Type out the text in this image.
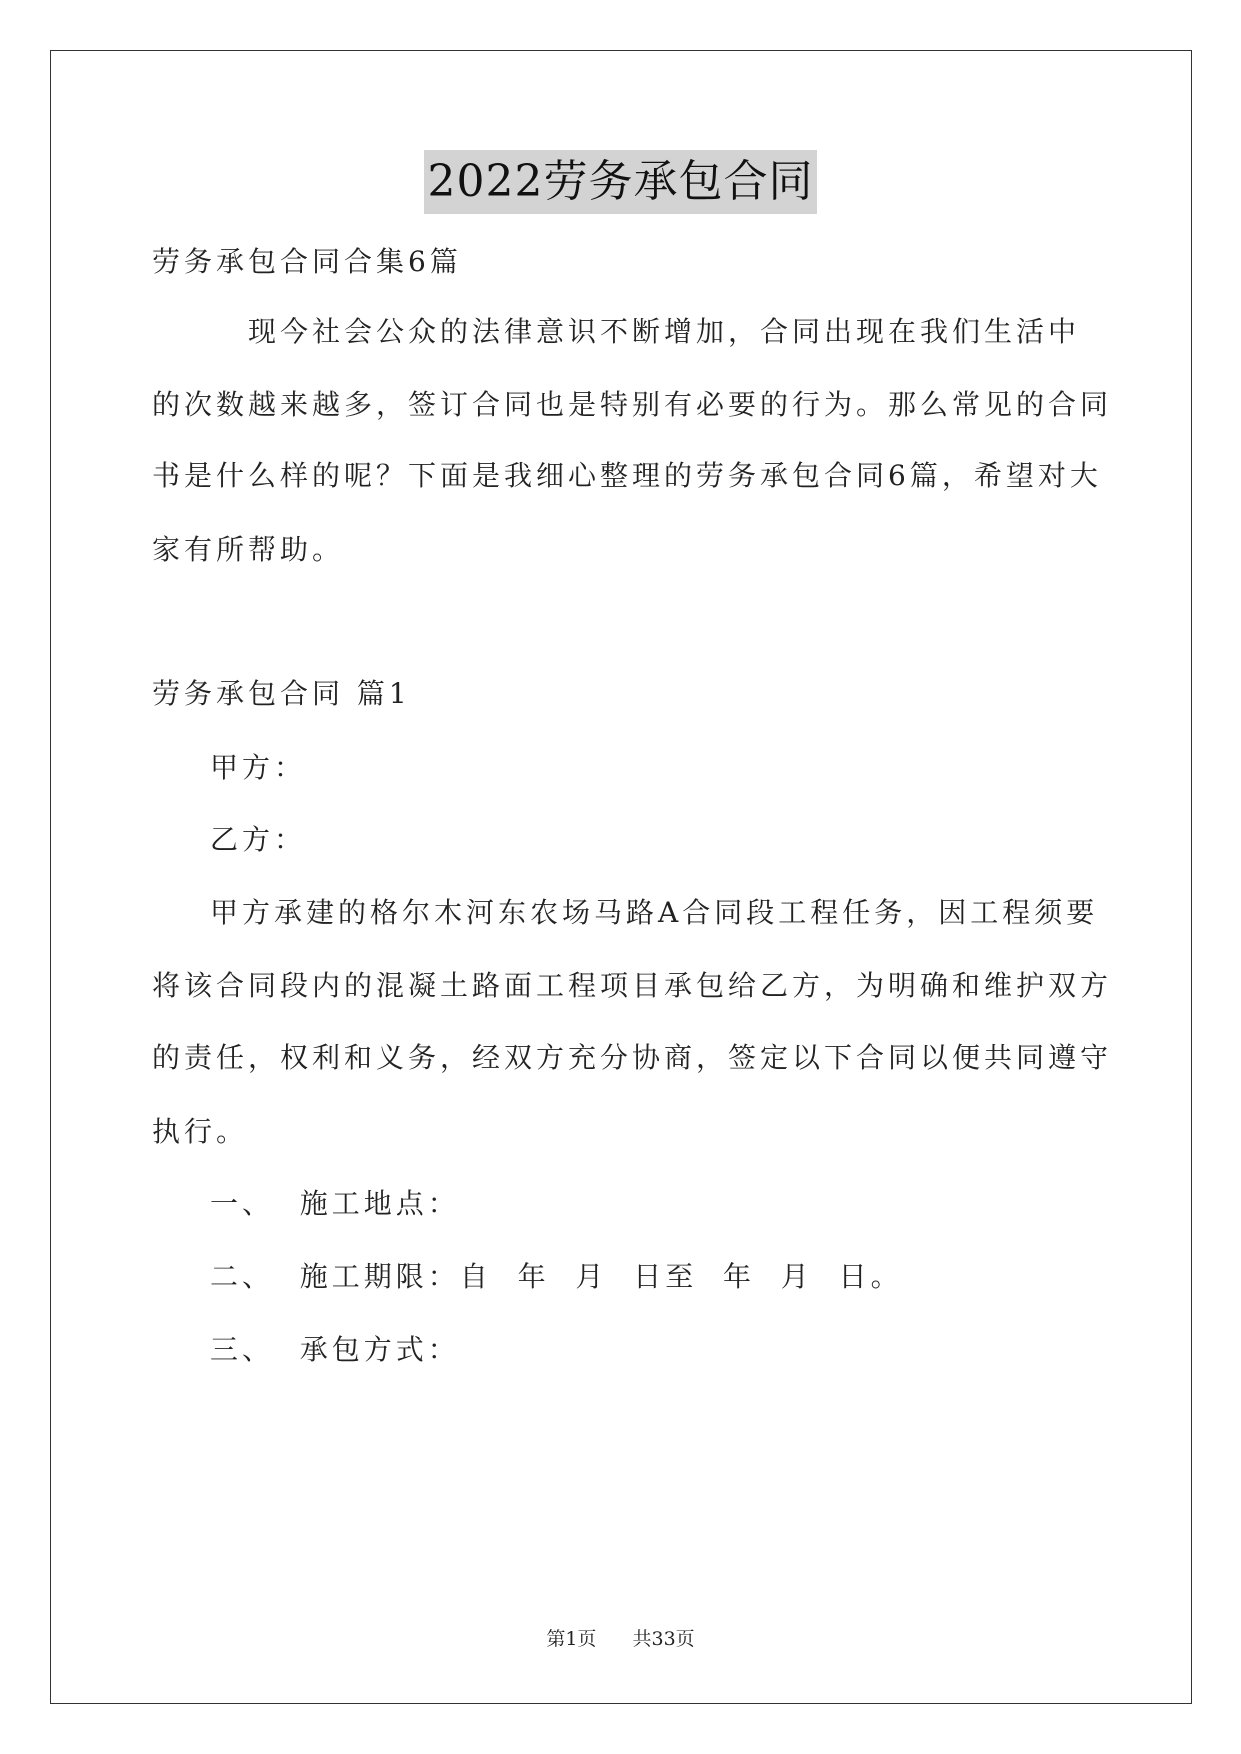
2022劳务承包合同
劳务承包合同合集6篇
现今社会公众的法律意识不断增加，合同出现在我们生活中
的次数越来越多，签订合同也是特别有必要的行为。那么常见的合同
书是什么样的呢？下面是我细心整理的劳务承包合同6篇，希望对大
家有所帮助。
劳务承包合同 篇1
甲方：
乙方：
甲方承建的格尔木河东农场马路A合同段工程任务，因工程须要
将该合同段内的混凝土路面工程项目承包给乙方，为明确和维护双方
的责任，权利和义务，经双方充分协商，签定以下合同以便共同遵守
执行。
一、  施工地点：
二、  施工期限：自  年  月  日至  年  月  日。
三、  承包方式：
第1页 共33页
